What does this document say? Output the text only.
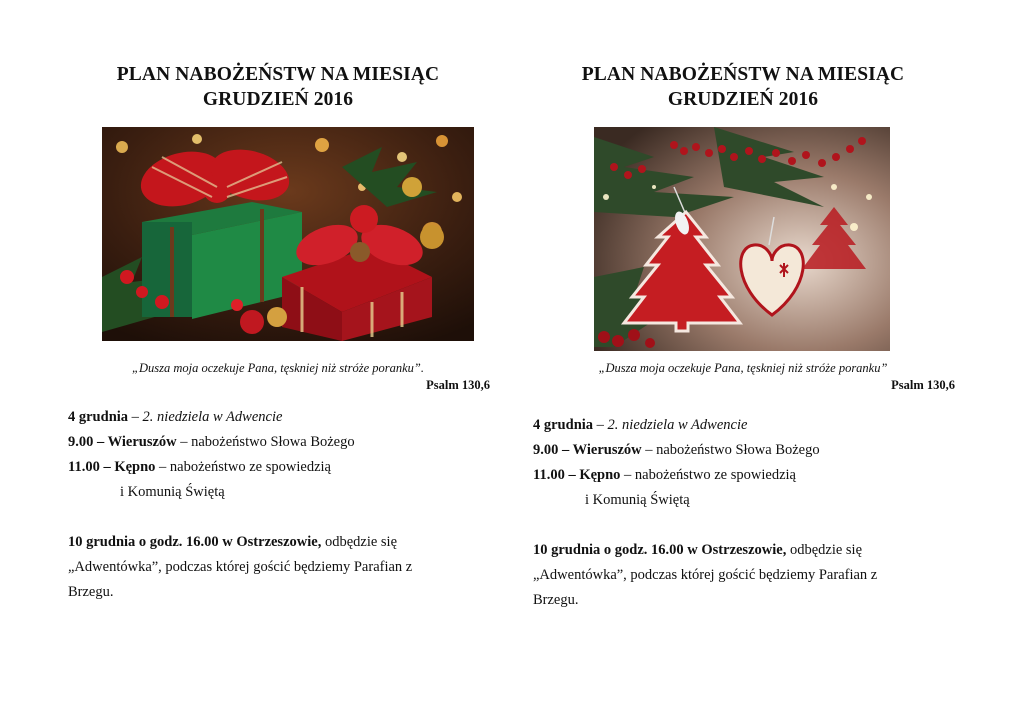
PLAN NABOŻEŃSTW NA MIESIĄC
GRUDZIEŃ 2016
„Dusza moja oczekuje Pana, tęskniej niż stróże poranku”.
Psalm 130,6
4 grudnia – 2. niedziela w Adwencie
9.00 – Wieruszów – nabożeństwo Słowa Bożego
11.00 – Kępno – nabożeństwo ze spowiedzią
i Komunią Świętą
10 grudnia o godz. 16.00 w Ostrzeszowie, odbędzie się
„Adwentówka”, podczas której gościć będziemy Parafian z
Brzegu.
PLAN NABOŻEŃSTW NA MIESIĄC
GRUDZIEŃ 2016
„Dusza moja oczekuje Pana, tęskniej niż stróże poranku”
Psalm 130,6
4 grudnia – 2. niedziela w Adwencie
9.00 – Wieruszów – nabożeństwo Słowa Bożego
11.00 – Kępno – nabożeństwo ze spowiedzią
i Komunią Świętą
10 grudnia o godz. 16.00 w Ostrzeszowie, odbędzie się
„Adwentówka”, podczas której gościć będziemy Parafian z
Brzegu.
